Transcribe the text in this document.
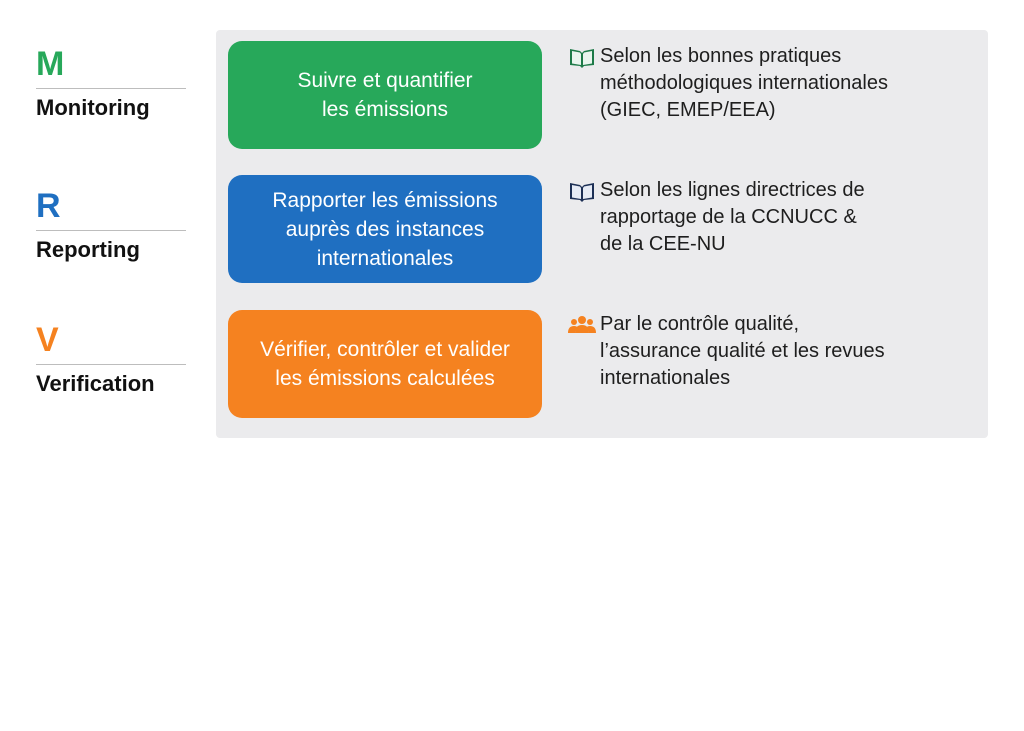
M
Monitoring
Suivre et quantifier
les émissions
Selon les bonnes pratiques
méthodologiques internationales
(GIEC, EMEP/EEA)
R
Reporting
Rapporter les émissions
auprès des instances
internationales
Selon les lignes directrices de
rapportage de la CCNUCC &
de la CEE-NU
V
Verification
Vérifier, contrôler et valider
les émissions calculées
Par le contrôle qualité,
l’assurance qualité et les revues
internationales
